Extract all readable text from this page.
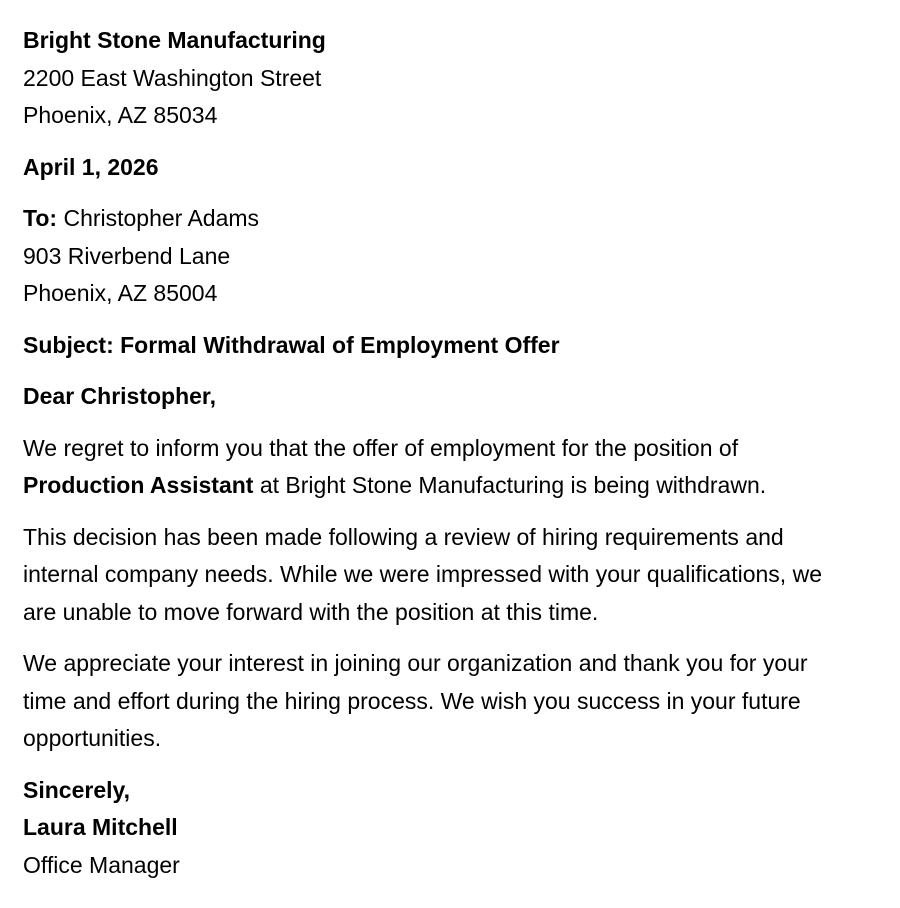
Bright Stone Manufacturing

2200 East Washington Street

Phoenix, AZ 85034

April 1, 2026

To: Christopher Adams

903 Riverbend Lane

Phoenix, AZ 85004

Subject: Formal Withdrawal of Employment Offer

Dear Christopher,

We regret to inform you that the offer of employment for the position of Production Assistant at Bright Stone Manufacturing is being withdrawn.

This decision has been made following a review of hiring requirements and internal company needs. While we were impressed with your qualifications, we are unable to move forward with the position at this time.

We appreciate your interest in joining our organization and thank you for your time and effort during the hiring process. We wish you success in your future opportunities.

Sincerely,

Laura Mitchell

Office Manager
